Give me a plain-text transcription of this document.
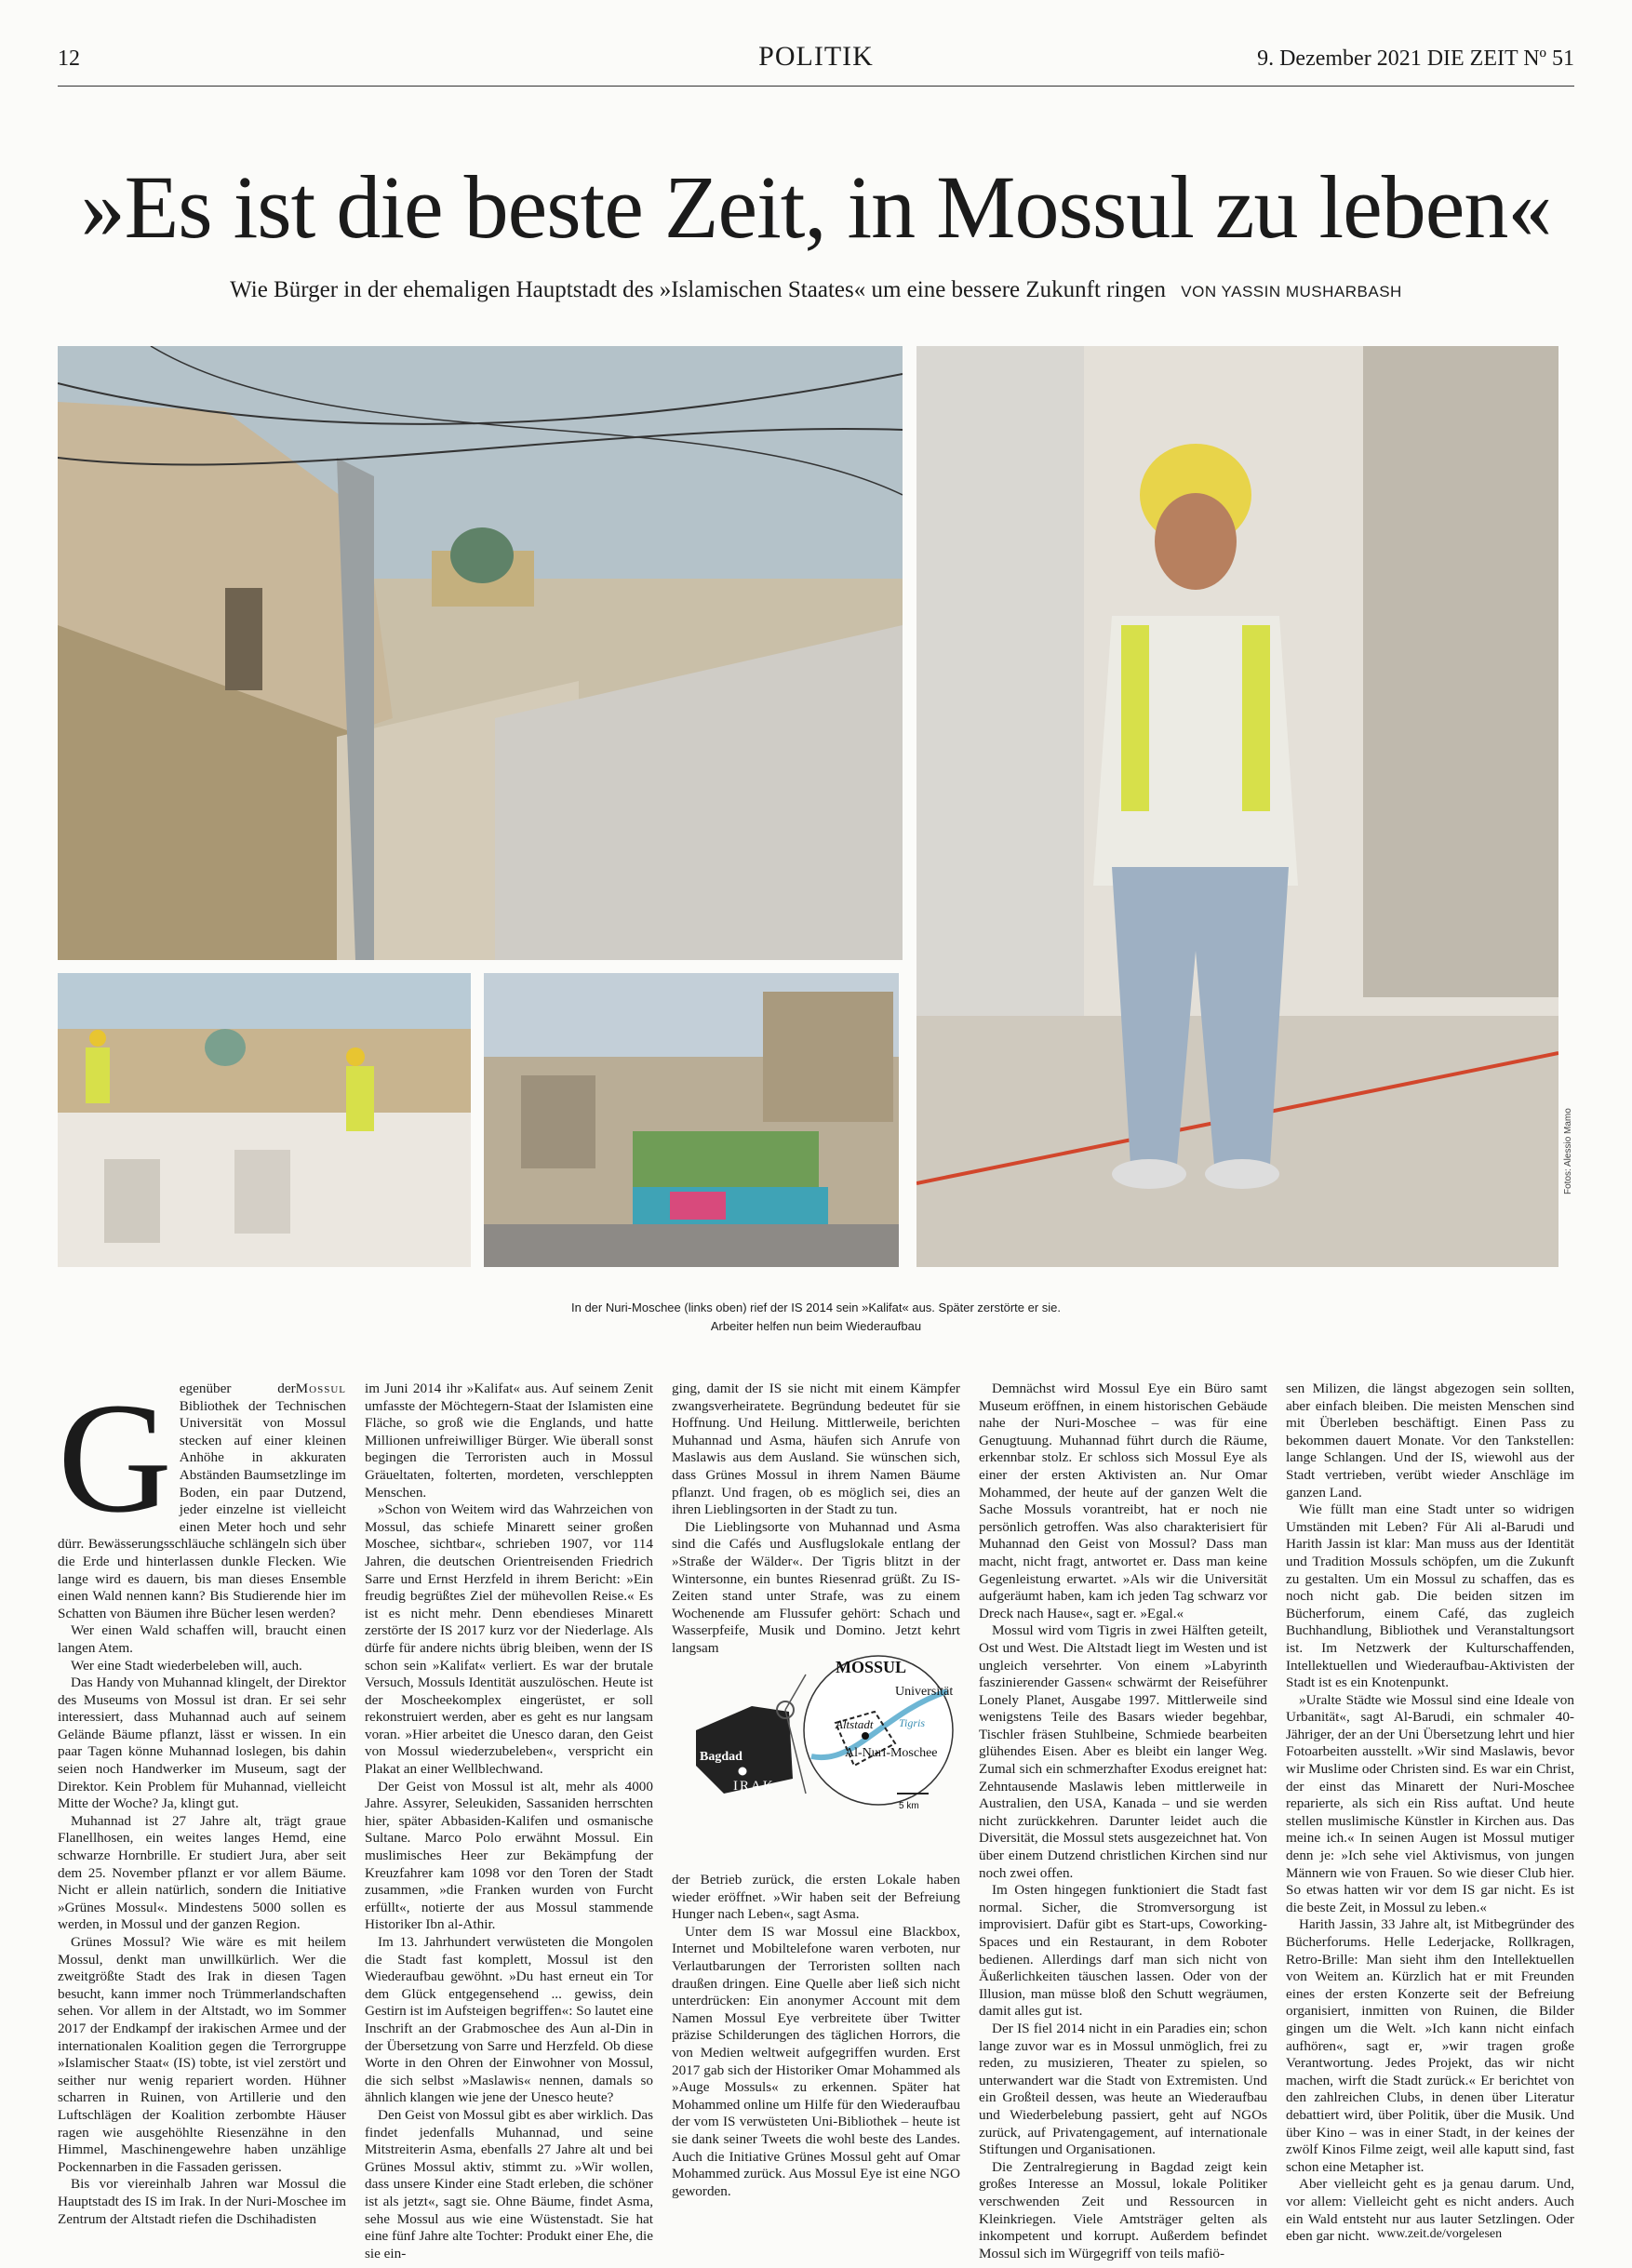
12	POLITIK	9. Dezember 2021 DIE ZEIT Nº 51
»Es ist die beste Zeit, in Mossul zu leben«
Wie Bürger in der ehemaligen Hauptstadt des »Islamischen Staates« um eine bessere Zukunft ringen VON YASSIN MUSHARBASH
Fotos: Alessio Mamo
In der Nuri-Moschee (links oben) rief der IS 2014 sein »Kalifat« aus. Später zerstörte er sie. Arbeiter helfen nun beim Wiederaufbau
Mossul
G egenüber der Bibliothek der Technischen Universität von Mossul stecken auf einer kleinen Anhöhe in akkuraten Abständen Baumsetzlinge im Boden, ein paar Dutzend, jeder einzelne ist vielleicht einen Meter hoch und sehr dürr. Bewässerungsschläuche schlängeln sich über die Erde und hinterlassen dunkle Flecken. Wie lange wird es dauern, bis man dieses Ensemble einen Wald nennen kann? Bis Studierende hier im Schatten von Bäumen ihre Bücher lesen werden?

Wer einen Wald schaffen will, braucht einen langen Atem.

Wer eine Stadt wiederbeleben will, auch.

Das Handy von Muhannad klingelt, der Direktor des Museums von Mossul ist dran. Er sei sehr interessiert, dass Muhannad auch auf seinem Gelände Bäume pflanzt, lässt er wissen. In ein paar Tagen könne Muhannad loslegen, bis dahin seien noch Handwerker im Museum, sagt der Direktor. Kein Problem für Muhannad, vielleicht Mitte der Woche? Ja, klingt gut.

Muhannad ist 27 Jahre alt, trägt graue Flanellhosen, ein weites langes Hemd, eine schwarze Hornbrille. Er studiert Jura, aber seit dem 25. November pflanzt er vor allem Bäume. Nicht er allein natürlich, sondern die Initiative »Grünes Mossul«. Mindestens 5000 sollen es werden, in Mossul und der ganzen Region.

Grünes Mossul? Wie wäre es mit heilem Mossul, denkt man unwillkürlich. Wer die zweitgrößte Stadt des Irak in diesen Tagen besucht, kann immer noch Trümmerlandschaften sehen. Vor allem in der Altstadt, wo im Sommer 2017 der Endkampf der irakischen Armee und der internationalen Koalition gegen die Terrorgruppe »Islamischer Staat« (IS) tobte, ist viel zerstört und seither nur wenig repariert worden. Hühner scharren in Ruinen, von Artillerie und den Luftschlägen der Koalition zerbombte Häuser ragen wie ausgehöhlte Riesenzähne in den Himmel, Maschinengewehre haben unzählige Pockennarben in die Fassaden gerissen.

Bis vor viereinhalb Jahren war Mossul die Hauptstadt des IS im Irak. In der Nuri-Moschee im Zentrum der Altstadt riefen die Dschihadisten

im Juni 2014 ihr »Kalifat« aus. Auf seinem Zenit umfasste der Möchtegern-Staat der Islamisten eine Fläche, so groß wie die Englands, und hatte Millionen unfreiwilliger Bürger. Wie überall sonst begingen die Terroristen auch in Mossul Gräueltaten, folterten, mordeten, verschleppten Menschen.

»Schon von Weitem wird das Wahrzeichen von Mossul, das schiefe Minarett seiner großen Moschee, sichtbar«, schrieben 1907, vor 114 Jahren, die deutschen Orientreisenden Friedrich Sarre und Ernst Herzfeld in ihrem Bericht: »Ein freudig begrüßtes Ziel der mühevollen Reise.« Es ist es nicht mehr. Denn ebendieses Minarett zerstörte der IS 2017 kurz vor der Niederlage. Als dürfe für andere nichts übrig bleiben, wenn der IS schon sein »Kalifat« verliert. Es war der brutale Versuch, Mossuls Identität auszulöschen. Heute ist der Moscheekomplex eingerüstet, er soll rekonstruiert werden, aber es geht es nur langsam voran. »Hier arbeitet die Unesco daran, den Geist von Mossul wiederzubeleben«, verspricht ein Plakat an einer Wellblechwand.

Der Geist von Mossul ist alt, mehr als 4000 Jahre. Assyrer, Seleukiden, Sassaniden herrschten hier, später Abbasiden-Kalifen und osmanische Sultane. Marco Polo erwähnt Mossul. Ein muslimisches Heer zur Bekämpfung der Kreuzfahrer kam 1098 vor den Toren der Stadt zusammen, »die Franken wurden von Furcht erfüllt«, notierte der aus Mossul stammende Historiker Ibn al-Athir.

Im 13. Jahrhundert verwüsteten die Mongolen die Stadt fast komplett, Mossul ist den Wiederaufbau gewöhnt. »Du hast erneut ein Tor dem Glück entgegensehend ... gewiss, dein Gestirn ist im Aufsteigen begriffen«: So lautet eine Inschrift an der Grabmoschee des Aun al-Din in der Übersetzung von Sarre und Herzfeld. Ob diese Worte in den Ohren der Einwohner von Mossul, die sich selbst »Maslawis« nennen, damals so ähnlich klangen wie jene der Unesco heute?

Den Geist von Mossul gibt es aber wirklich. Das findet jedenfalls Muhannad, und seine Mitstreiterin Asma, ebenfalls 27 Jahre alt und bei Grünes Mossul aktiv, stimmt zu. »Wir wollen, dass unsere Kinder eine Stadt erleben, die schöner ist als jetzt«, sagt sie. Ohne Bäume, findet Asma, sehe Mossul aus wie eine Wüstenstadt. Sie hat eine fünf Jahre alte Tochter: Produkt einer Ehe, die sie ein-

ging, damit der IS sie nicht mit einem Kämpfer zwangsverheiratete. Begründung bedeutet für sie Hoffnung. Und Heilung. Mittlerweile, berichten Muhannad und Asma, häufen sich Anrufe von Maslawis aus dem Ausland. Sie wünschen sich, dass Grünes Mossul in ihrem Namen Bäume pflanzt. Und fragen, ob es möglich sei, dies an ihren Lieblingsorten in der Stadt zu tun.

Die Lieblingsorte von Muhannad und Asma sind die Cafés und Ausflugslokale entlang der »Straße der Wälder«. Der Tigris blitzt in der Wintersonne, ein buntes Riesenrad grüßt. Zu IS-Zeiten stand unter Strafe, was zu einem Wochenende am Flussufer gehört: Schach und Wasserpfeife, Musik und Domino. Jetzt kehrt langsam

MOSSUL
Universität
Altstadt Tigris
Al-Nuri-Moschee
5 km
Bagdad
IRAK

der Betrieb zurück, die ersten Lokale haben wieder eröffnet. »Wir haben seit der Befreiung Hunger nach Leben«, sagt Asma.

Unter dem IS war Mossul eine Blackbox, Internet und Mobiltelefone waren verboten, nur Verlautbarungen der Terroristen sollten nach draußen dringen. Eine Quelle aber ließ sich nicht unterdrücken: Ein anonymer Account mit dem Namen Mossul Eye verbreitete über Twitter präzise Schilderungen des täglichen Horrors, die von Medien weltweit aufgegriffen wurden. Erst 2017 gab sich der Historiker Omar Mohammed als »Auge Mossuls« zu erkennen. Später hat Mohammed online um Hilfe für den Wiederaufbau der vom IS verwüsteten Uni-Bibliothek – heute ist sie dank seiner Tweets die wohl beste des Landes. Auch die Initiative Grünes Mossul geht auf Omar Mohammed zurück. Aus Mossul Eye ist eine NGO geworden.

Demnächst wird Mossul Eye ein Büro samt Museum eröffnen, in einem historischen Gebäude nahe der Nuri-Moschee – was für eine Genugtuung. Muhannad führt durch die Räume, erkennbar stolz. Er schloss sich Mossul Eye als einer der ersten Aktivisten an. Nur Omar Mohammed, der heute auf der ganzen Welt die Sache Mossuls vorantreibt, hat er noch nie persönlich getroffen. Was also charakterisiert für Muhannad den Geist von Mossul? Dass man macht, nicht fragt, antwortet er. Dass man keine Gegenleistung erwartet. »Als wir die Universität aufgeräumt haben, kam ich jeden Tag schwarz vor Dreck nach Hause«, sagt er. »Egal.«

Mossul wird vom Tigris in zwei Hälften geteilt, Ost und West. Die Altstadt liegt im Westen und ist ungleich versehrter. Von einem »Labyrinth faszinierender Gassen« schwärmt der Reiseführer Lonely Planet, Ausgabe 1997. Mittlerweile sind wenigstens Teile des Basars wieder begehbar, Tischler fräsen Stuhlbeine, Schmiede bearbeiten glühendes Eisen. Aber es bleibt ein langer Weg. Zumal sich ein schmerzhafter Exodus ereignet hat: Zehntausende Maslawis leben mittlerweile in Australien, den USA, Kanada – und sie werden nicht zurückkehren. Darunter leidet auch die Diversität, die Mossul stets ausgezeichnet hat. Von über einem Dutzend christlichen Kirchen sind nur noch zwei offen.

Im Osten hingegen funktioniert die Stadt fast normal. Sicher, die Stromversorgung ist improvisiert. Dafür gibt es Start-ups, Coworking-Spaces und ein Restaurant, in dem Roboter bedienen. Allerdings darf man sich nicht von Äußerlichkeiten täuschen lassen. Oder von der Illusion, man müsse bloß den Schutt wegräumen, damit alles gut ist.

Der IS fiel 2014 nicht in ein Paradies ein; schon lange zuvor war es in Mossul unmöglich, frei zu reden, zu musizieren, Theater zu spielen, so unterwandert war die Stadt von Extremisten. Und ein Großteil dessen, was heute an Wiederaufbau und Wiederbelebung passiert, geht auf NGOs zurück, auf Privatengagement, auf internationale Stiftungen und Organisationen.

Die Zentralregierung in Bagdad zeigt kein großes Interesse an Mossul, lokale Politiker verschwenden Zeit und Ressourcen in Kleinkriegen. Viele Amtsträger gelten als inkompetent und korrupt. Außerdem befindet Mossul sich im Würgegriff von teils mafiö-

sen Milizen, die längst abgezogen sein sollten, aber einfach bleiben. Die meisten Menschen sind mit Überleben beschäftigt. Einen Pass zu bekommen dauert Monate. Vor den Tankstellen: lange Schlangen. Und der IS, wiewohl aus der Stadt vertrieben, verübt wieder Anschläge im ganzen Land.

Wie füllt man eine Stadt unter so widrigen Umständen mit Leben? Für Ali al-Barudi und Harith Jassin ist klar: Man muss aus der Identität und Tradition Mossuls schöpfen, um die Zukunft zu gestalten. Um ein Mossul zu schaffen, das es noch nicht gab. Die beiden sitzen im Bücherforum, einem Café, das zugleich Buchhandlung, Bibliothek und Veranstaltungsort ist. Im Netzwerk der Kulturschaffenden, Intellektuellen und Wiederaufbau-Aktivisten der Stadt ist es ein Knotenpunkt.

»Uralte Städte wie Mossul sind eine Ideale von Urbanität«, sagt Al-Barudi, ein schmaler 40-Jähriger, der an der Uni Übersetzung lehrt und hier Fotoarbeiten ausstellt. »Wir sind Maslawis, bevor wir Muslime oder Christen sind. Es war ein Christ, der einst das Minarett der Nuri-Moschee reparierte, als sich ein Riss auftat. Und heute stellen muslimische Künstler in Kirchen aus. Das meine ich.« In seinen Augen ist Mossul mutiger denn je: »Ich sehe viel Aktivismus, von jungen Männern wie von Frauen. So wie dieser Club hier. So etwas hatten wir vor dem IS gar nicht. Es ist die beste Zeit, in Mossul zu leben.«

Harith Jassin, 33 Jahre alt, ist Mitbegründer des Bücherforums. Helle Lederjacke, Rollkragen, Retro-Brille: Man sieht ihm den Intellektuellen von Weitem an. Kürzlich hat er mit Freunden eines der ersten Konzerte seit der Befreiung organisiert, inmitten von Ruinen, die Bilder gingen um die Welt. »Ich kann nicht einfach aufhören«, sagt er, »wir tragen große Verantwortung. Jedes Projekt, das wir nicht machen, wirft die Stadt zurück.« Er berichtet von den zahlreichen Clubs, in denen über Literatur debattiert wird, über Politik, über die Musik. Und über Kino – was in einer Stadt, in der keines der zwölf Kinos Filme zeigt, weil alle kaputt sind, fast schon eine Metapher ist.

Aber vielleicht geht es ja genau darum. Und, vor allem: Vielleicht geht es nicht anders. Auch ein Wald entsteht nur aus lauter Setzlingen. Oder eben gar nicht. www.zeit.de/vorgelesen
